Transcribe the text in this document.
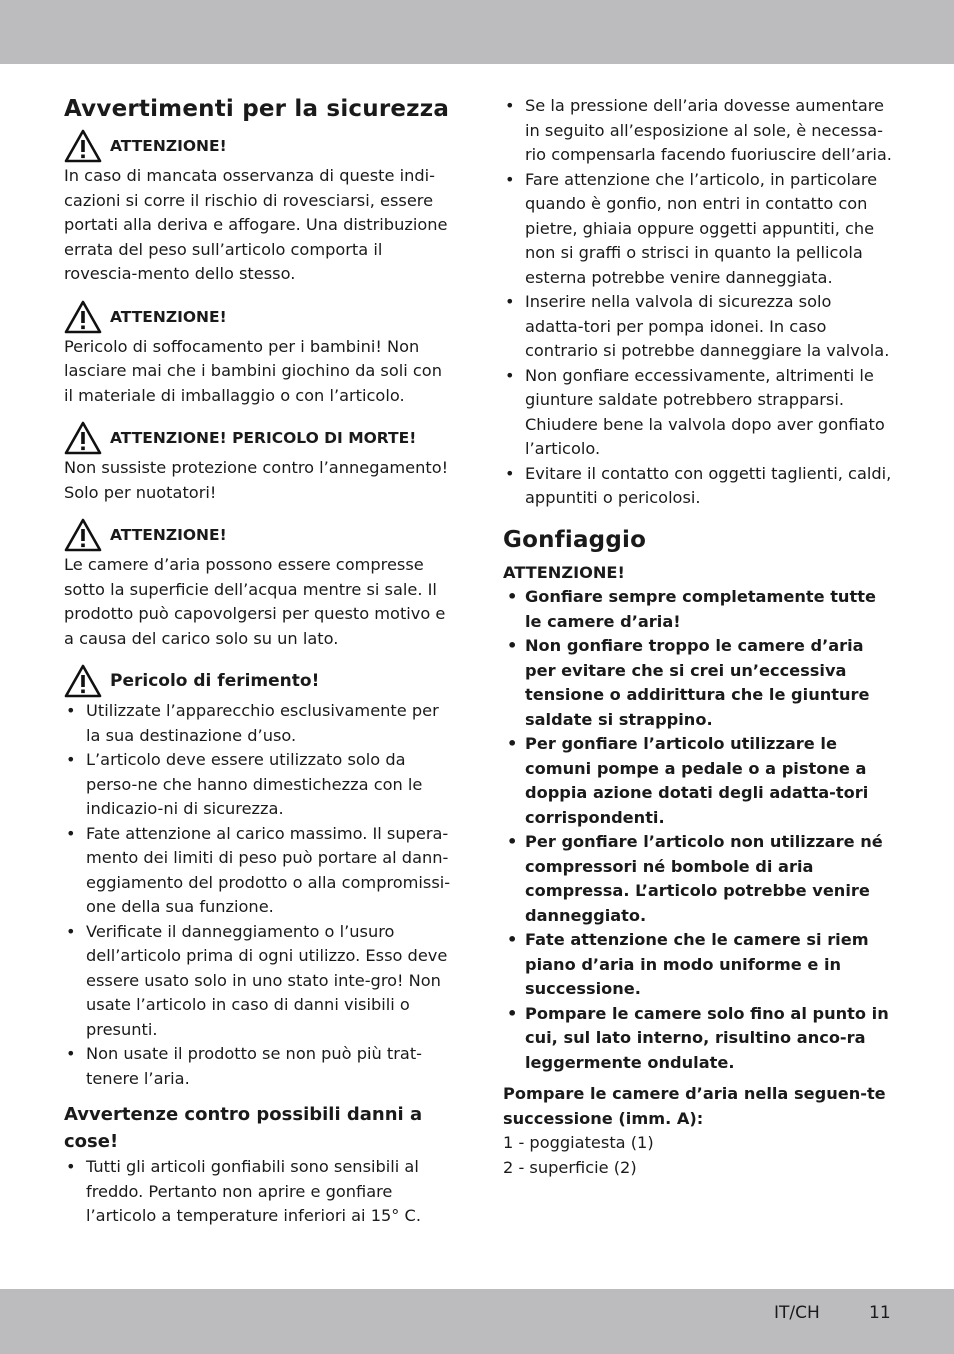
Avvertimenti per la sicurezza
ATTENZIONE!

In caso di mancata osservanza di queste indi-cazioni si corre il rischio di rovesciarsi, essere portati alla deriva e affogare. Una distribuzione errata del peso sull’articolo comporta il rovescia-mento dello stesso.

ATTENZIONE!

Pericolo di soffocamento per i bambini! Non lasciare mai che i bambini giochino da soli con il materiale di imballaggio o con l’articolo.

ATTENZIONE! PERICOLO DI MORTE!

Non sussiste protezione contro l’annegamento! Solo per nuotatori!

ATTENZIONE!

Le camere d’aria possono essere compresse sotto la superficie dell’acqua mentre si sale. Il prodotto può capovolgersi per questo motivo e a causa del carico solo su un lato.

Pericolo di ferimento!
• Utilizzate l’apparecchio esclusivamente per la sua destinazione d’uso.
• L’articolo deve essere utilizzato solo da perso-ne che hanno dimestichezza con le indicazio-ni di sicurezza.
• Fate attenzione al carico massimo. Il supera-mento dei limiti di peso può portare al dann-eggiamento del prodotto o alla compromissi-one della sua funzione.
• Verificate il danneggiamento o l’usuro dell’articolo prima di ogni utilizzo. Esso deve essere usato solo in uno stato inte-gro! Non usate l’articolo in caso di danni visibili o presunti.
• Non usate il prodotto se non può più trat-tenere l’aria.
Avvertenze contro possibili danni a cose!
• Tutti gli articoli gonfiabili sono sensibili al freddo. Pertanto non aprire e gonfiare l’articolo a temperature inferiori ai 15° C.
• Se la pressione dell’aria dovesse aumentare in seguito all’esposizione al sole, è necessa-rio compensarla facendo fuoriuscire dell’aria.
• Fare attenzione che l’articolo, in particolare quando è gonfio, non entri in contatto con pietre, ghiaia oppure oggetti appuntiti, che non si graffi o strisci in quanto la pellicola esterna potrebbe venire danneggiata.
• Inserire nella valvola di sicurezza solo adatta-tori per pompa idonei. In caso contrario si potrebbe danneggiare la valvola.
• Non gonfiare eccessivamente, altrimenti le giunture saldate potrebbero strapparsi. Chiudere bene la valvola dopo aver gonfiato l’articolo.
• Evitare il contatto con oggetti taglienti, caldi, appuntiti o pericolosi.
Gonfiaggio

ATTENZIONE!

• Gonfiare sempre completamente tutte le camere d’aria!
• Non gonfiare troppo le camere d’aria per evitare che si crei un’eccessiva tensione o addirittura che le giunture saldate si strappino.
• Per gonfiare l’articolo utilizzare le comuni pompe a pedale o a pistone a doppia azione dotati degli adatta-tori corrispondenti.
• Per gonfiare l’articolo non utilizzare né compressori né bombole di aria compressa. L’articolo potrebbe venire danneggiato.
• Fate attenzione che le camere si riem piano d’aria in modo uniforme e in successione.
• Pompare le camere solo fino al punto in cui, sul lato interno, risultino anco-ra leggermente ondulate.

Pompare le camere d’aria nella seguen-te successione (imm. A):

1 - poggiatesta (1)

2 - superficie (2)

IT/CH	11
